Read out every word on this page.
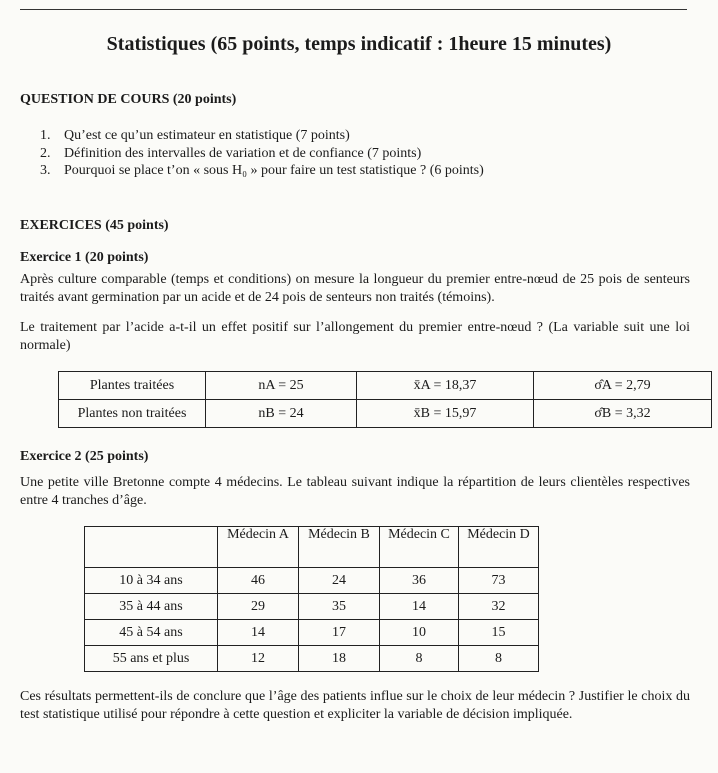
Statistiques (65 points, temps indicatif : 1heure 15 minutes)
QUESTION DE COURS (20 points)
1. Qu’est ce qu’un estimateur en statistique (7 points)
2. Définition des intervalles de variation et de confiance (7 points)
3. Pourquoi se place t’on « sous H₀ » pour faire un test statistique ? (6 points)
EXERCICES (45 points)
Exercice 1 (20 points)
Après culture comparable (temps et conditions) on mesure la longueur du premier entre-nœud de 25 pois de senteurs traités avant germination par un acide et de 24 pois de senteurs non traités (témoins).
Le traitement par l’acide a-t-il un effet positif sur l’allongement du premier entre-nœud ? (La variable suit une loi normale)
Plantes traitées	nA = 25	x̄A = 18,37	σ̂A = 2,79
Plantes non traitées	nB = 24	x̄B = 15,97	σ̂B = 3,32
Exercice 2 (25 points)
Une petite ville Bretonne compte 4 médecins. Le tableau suivant indique la répartition de leurs clientèles respectives entre 4 tranches d’âge.
	Médecin A	Médecin B	Médecin C	Médecin D
10 à 34 ans	46	24	36	73
35 à 44 ans	29	35	14	32
45 à 54 ans	14	17	10	15
55 ans et plus	12	18	8	8
Ces résultats permettent-ils de conclure que l’âge des patients influe sur le choix de leur médecin ? Justifier le choix du test statistique utilisé pour répondre à cette question et expliciter la variable de décision impliquée.
